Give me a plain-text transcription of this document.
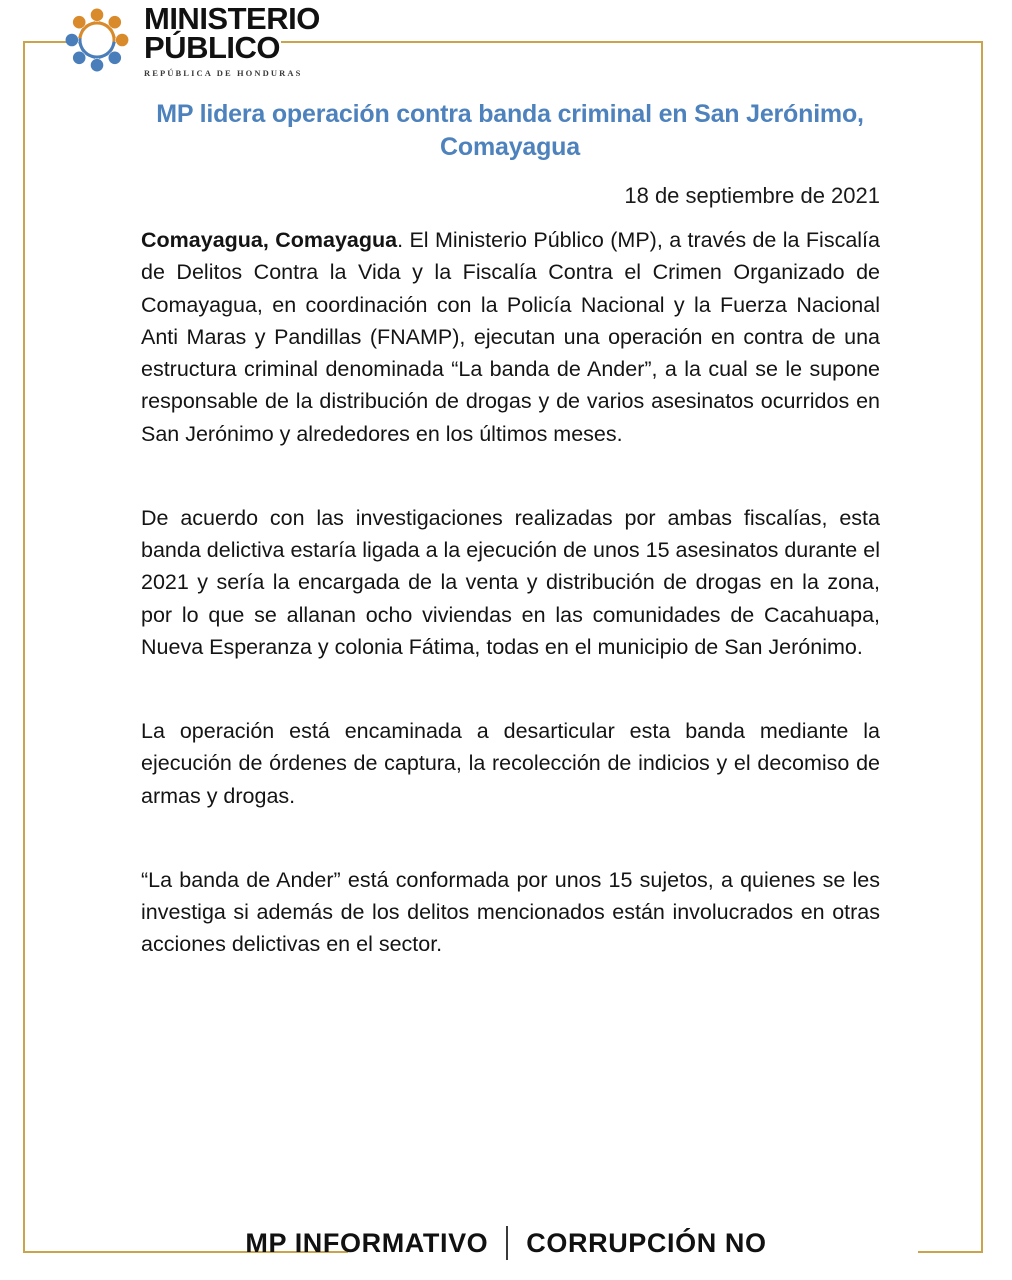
MINISTERIO
PÚBLICO
REPÚBLICA DE HONDURAS
MP lidera operación contra banda criminal en San Jerónimo, Comayagua
18 de septiembre de 2021

Comayagua, Comayagua. El Ministerio Público (MP), a través de la Fiscalía de Delitos Contra la Vida y la Fiscalía Contra el Crimen Organizado de Comayagua, en coordinación con la Policía Nacional y la Fuerza Nacional Anti Maras y Pandillas (FNAMP), ejecutan una operación en contra de una estructura criminal denominada “La banda de Ander”, a la cual se le supone responsable de la distribución de drogas y de varios asesinatos ocurridos en San Jerónimo y alrededores en los últimos meses.

De acuerdo con las investigaciones realizadas por ambas fiscalías, esta banda delictiva estaría ligada a la ejecución de unos 15 asesinatos durante el 2021 y sería la encargada de la venta y distribución de drogas en la zona, por lo que se allanan ocho viviendas en las comunidades de Cacahuapa, Nueva Esperanza y colonia Fátima, todas en el municipio de San Jerónimo.

La operación está encaminada a desarticular esta banda mediante la ejecución de órdenes de captura, la recolección de indicios y el decomiso de armas y drogas.

“La banda de Ander” está conformada por unos 15 sujetos, a quienes se les investiga si además de los delitos mencionados están involucrados en otras acciones delictivas en el sector.

MP INFORMATIVO CORRUPCIÓN NO
